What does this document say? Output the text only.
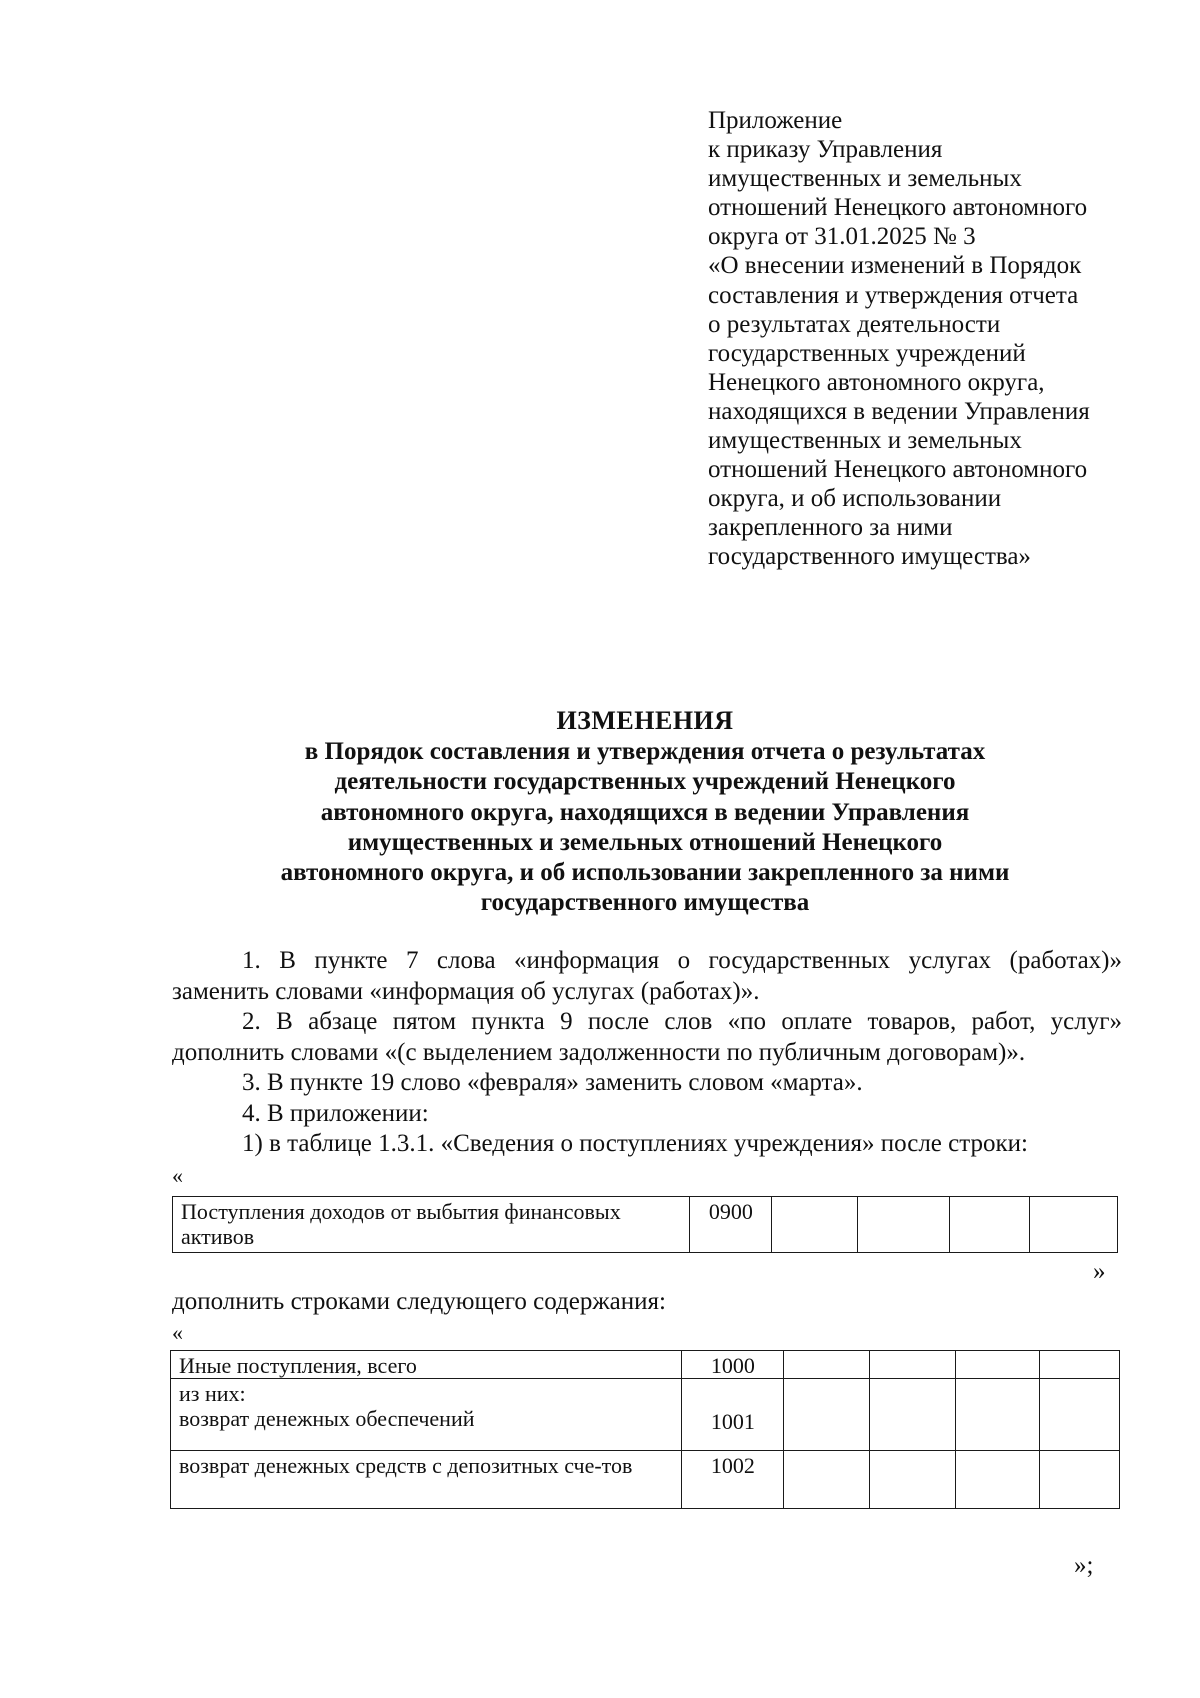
Приложение
к приказу Управления
имущественных и земельных
отношений Ненецкого автономного
округа от 31.01.2025 № 3
«О внесении изменений в Порядок
составления и утверждения отчета
о результатах деятельности
государственных учреждений
Ненецкого автономного округа,
находящихся в ведении Управления
имущественных и земельных
отношений Ненецкого автономного
округа, и об использовании
закрепленного за ними
государственного имущества»
ИЗМЕНЕНИЯ
в Порядок составления и утверждения отчета о результатах
деятельности государственных учреждений Ненецкого
автономного округа, находящихся в ведении Управления
имущественных и земельных отношений Ненецкого
автономного округа, и об использовании закрепленного за ними
государственного имущества
1. В пункте 7 слова «информация о государственных услугах (работах)»
заменить словами «информация об услугах (работах)».
2. В абзаце пятом пункта 9 после слов «по оплате товаров, работ, услуг»
дополнить словами «(с выделением задолженности по публичным договорам)».
3. В пункте 19 слово «февраля» заменить словом «марта».
4. В приложении:
1) в таблице 1.3.1. «Сведения о поступлениях учреждения» после строки:
«
Поступления доходов от выбытия финансовых активов	0900				
»
дополнить строками следующего содержания:
«
Иные поступления, всего	1000				

из них:
возврат денежных обеспечений	1001				
возврат денежных средств с депозитных сче-тов	1002				
»;
